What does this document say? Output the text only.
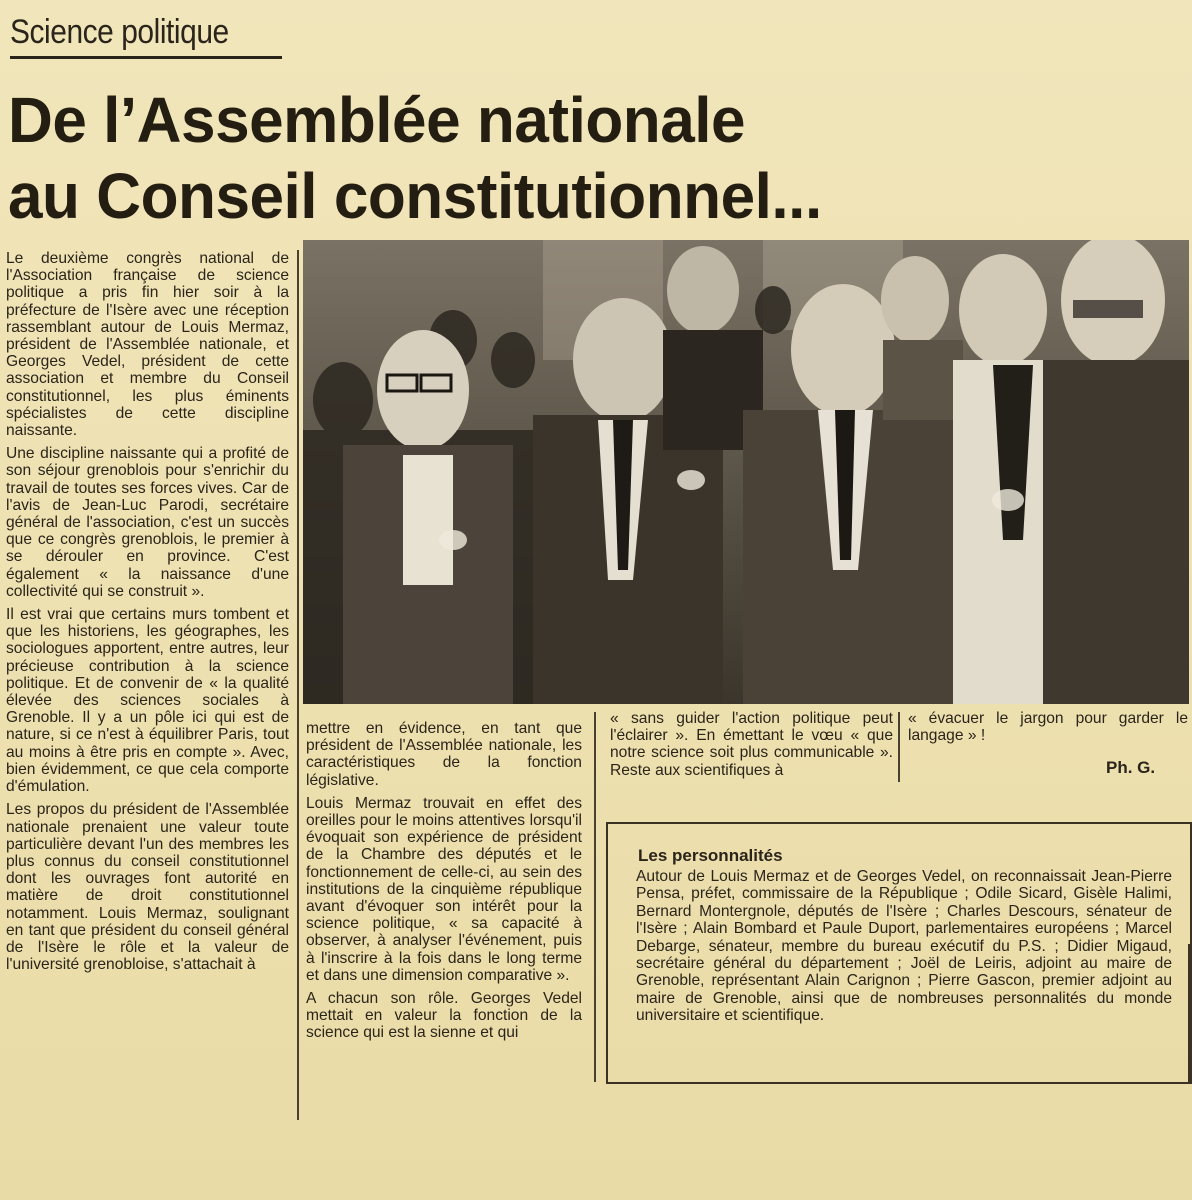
Science politique
De l’Assemblée nationale
au Conseil constitutionnel...

Le deuxième congrès national de l'Association française de science politique a pris fin hier soir à la préfecture de l'Isère avec une réception rassemblant autour de Louis Mermaz, président de l'Assemblée nationale, et Georges Vedel, président de cette association et membre du Conseil constitutionnel, les plus éminents spécialistes de cette discipline naissante.

Une discipline naissante qui a profité de son séjour grenoblois pour s'enrichir du travail de toutes ses forces vives. Car de l'avis de Jean-Luc Parodi, secrétaire général de l'association, c'est un succès que ce congrès grenoblois, le premier à se dérouler en province. C'est également « la naissance d'une collectivité qui se construit ».

Il est vrai que certains murs tombent et que les historiens, les géographes, les sociologues apportent, entre autres, leur précieuse contribution à la science politique. Et de convenir de « la qualité élevée des sciences sociales à Grenoble. Il y a un pôle ici qui est de nature, si ce n'est à équilibrer Paris, tout au moins à être pris en compte ». Avec, bien évidemment, ce que cela comporte d'émulation.

Les propos du président de l'Assemblée nationale prenaient une valeur toute particulière devant l'un des membres les plus connus du conseil constitutionnel dont les ouvrages font autorité en matière de droit constitutionnel notamment. Louis Mermaz, soulignant en tant que président du conseil général de l'Isère le rôle et la valeur de l'université grenobloise, s'attachait à

mettre en évidence, en tant que président de l'Assemblée nationale, les caractéristiques de la fonction législative.

Louis Mermaz trouvait en effet des oreilles pour le moins attentives lorsqu'il évoquait son expérience de président de la Chambre des députés et le fonctionnement de celle-ci, au sein des institutions de la cinquième république avant d'évoquer son intérêt pour la science politique, « sa capacité à observer, à analyser l'événement, puis à l'inscrire à la fois dans le long terme et dans une dimension comparative ».

A chacun son rôle. Georges Vedel mettait en valeur la fonction de la science qui est la sienne et qui

« sans guider l'action politique peut l'éclairer ». En émettant le vœu « que notre science soit plus communicable ». Reste aux scientifiques à

« évacuer le jargon pour garder le langage » !

Ph. G.
Les personnalités
Autour de Louis Mermaz et de Georges Vedel, on reconnaissait Jean-Pierre Pensa, préfet, commissaire de la République ; Odile Sicard, Gisèle Halimi, Bernard Montergnole, députés de l'Isère ; Charles Descours, sénateur de l'Isère ; Alain Bombard et Paule Duport, parlementaires européens ; Marcel Debarge, sénateur, membre du bureau exécutif du P.S. ; Didier Migaud, secrétaire général du département ; Joël de Leiris, adjoint au maire de Grenoble, représentant Alain Carignon ; Pierre Gascon, premier adjoint au maire de Grenoble, ainsi que de nombreuses personnalités du monde universitaire et scientifique.
